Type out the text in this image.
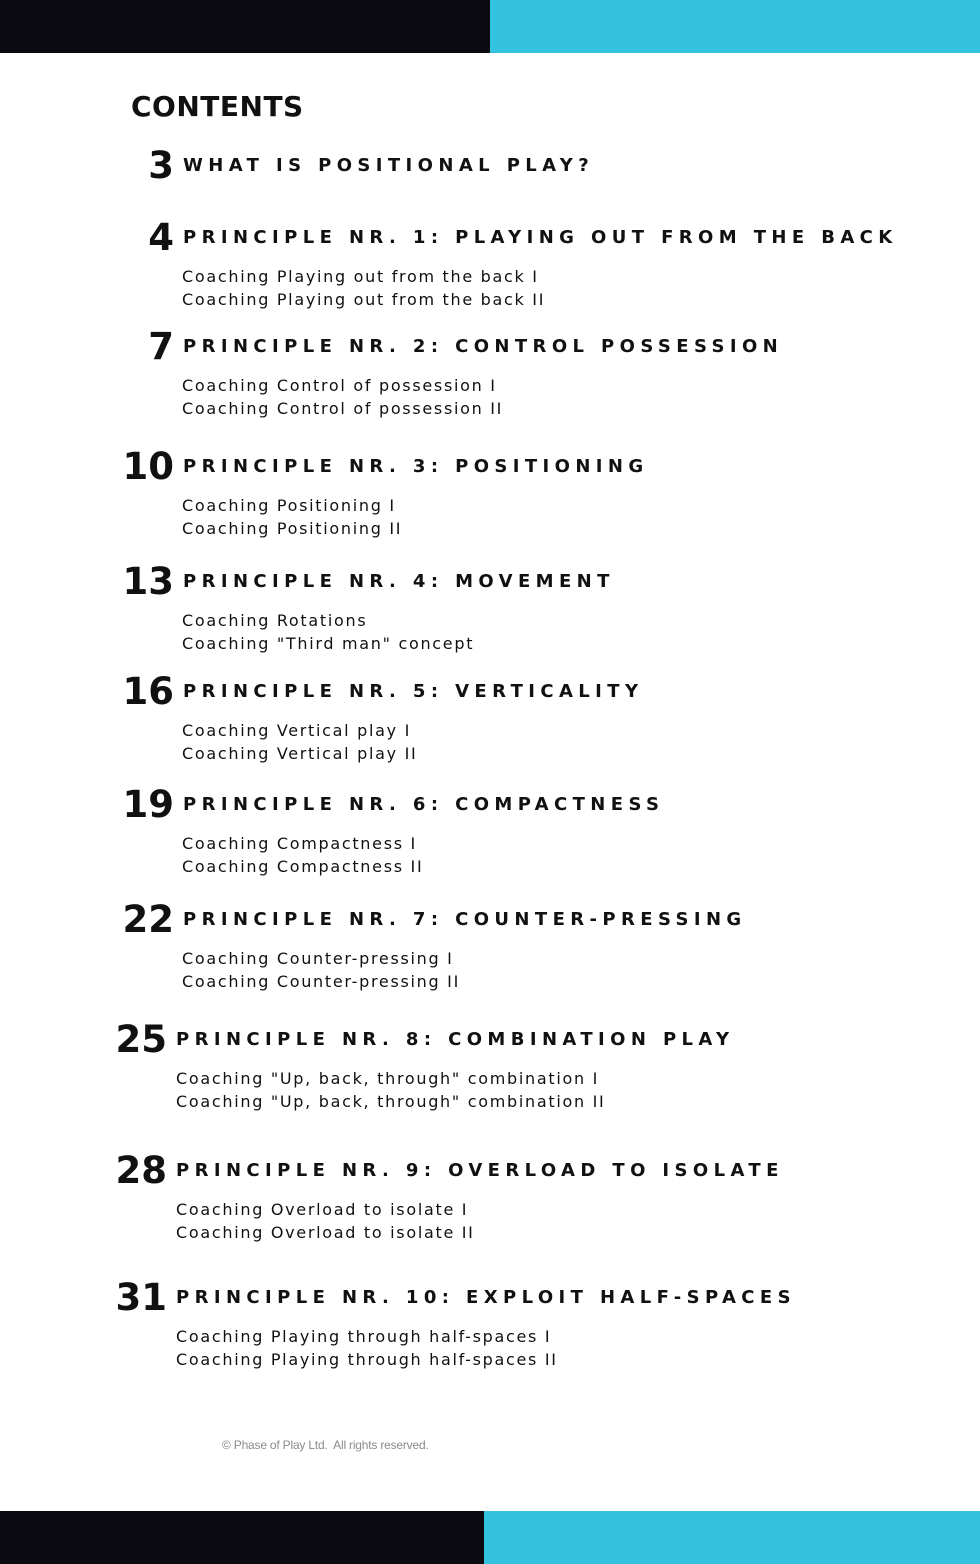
CONTENTS
3 WHAT IS POSITIONAL PLAY?
4 PRINCIPLE NR. 1: PLAYING OUT FROM THE BACK
Coaching Playing out from the back I
Coaching Playing out from the back II
7 PRINCIPLE NR. 2: CONTROL POSSESSION
Coaching Control of possession I
Coaching Control of possession II
10 PRINCIPLE NR. 3: POSITIONING
Coaching Positioning I
Coaching Positioning II
13 PRINCIPLE NR. 4: MOVEMENT
Coaching Rotations
Coaching "Third man" concept
16 PRINCIPLE NR. 5: VERTICALITY
Coaching Vertical play I
Coaching Vertical play II
19 PRINCIPLE NR. 6: COMPACTNESS
Coaching Compactness I
Coaching Compactness II
22 PRINCIPLE NR. 7: COUNTER-PRESSING
Coaching Counter-pressing I
Coaching Counter-pressing II
25 PRINCIPLE NR. 8: COMBINATION PLAY
Coaching "Up, back, through" combination I
Coaching "Up, back, through" combination II
28 PRINCIPLE NR. 9: OVERLOAD TO ISOLATE
Coaching Overload to isolate I
Coaching Overload to isolate II
31 PRINCIPLE NR. 10: EXPLOIT HALF-SPACES
Coaching Playing through half-spaces I
Coaching Playing through half-spaces II
© Phase of Play Ltd.  All rights reserved.
